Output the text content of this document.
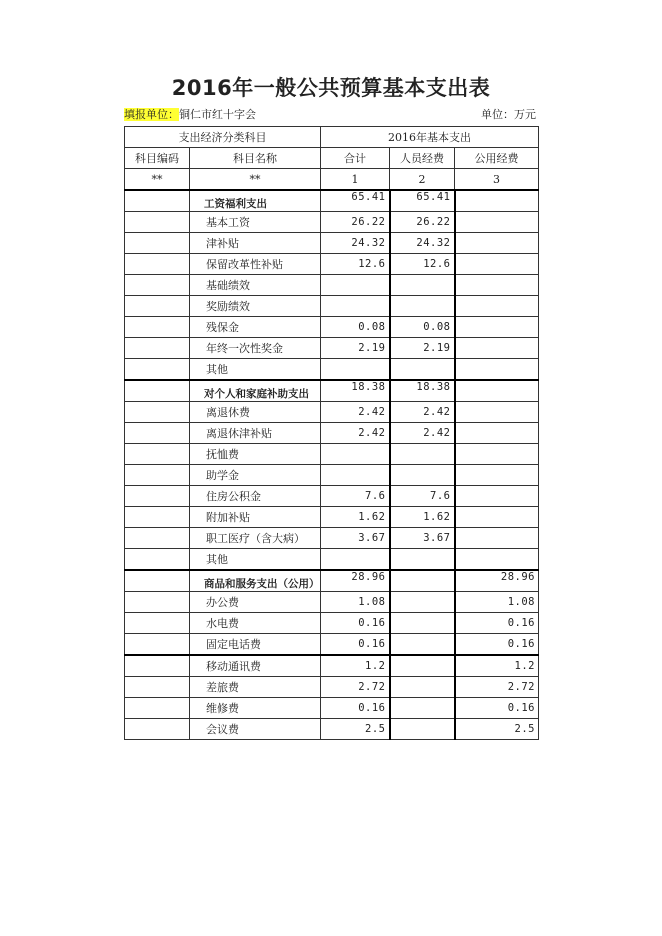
2016年一般公共预算基本支出表
填报单位：铜仁市红十字会	单位：万元
支出经济分类科目		2016年基本支出		
科目编码	科目名称	合计	人员经费	公用经费
**	**	1	2	3
	工资福利支出	65.41	65.41	
	基本工资	26.22	26.22	
	津补贴	24.32	24.32	
	保留改革性补贴	12.6	12.6	
	基础绩效			
	奖励绩效			
	残保金	0.08	0.08	
	年终一次性奖金	2.19	2.19	
	其他			
	对个人和家庭补助支出	18.38	18.38	
	离退休费	2.42	2.42	
	离退休津补贴	2.42	2.42	
	抚恤费			
	助学金			
	住房公积金	7.6	7.6	
	附加补贴	1.62	1.62	
	职工医疗（含大病）	3.67	3.67	
	其他			
	商品和服务支出（公用）	28.96		28.96
	办公费	1.08		1.08
	水电费	0.16		0.16
	固定电话费	0.16		0.16
	移动通讯费	1.2		1.2
	差旅费	2.72		2.72
	维修费	0.16		0.16
	会议费	2.5		2.5
